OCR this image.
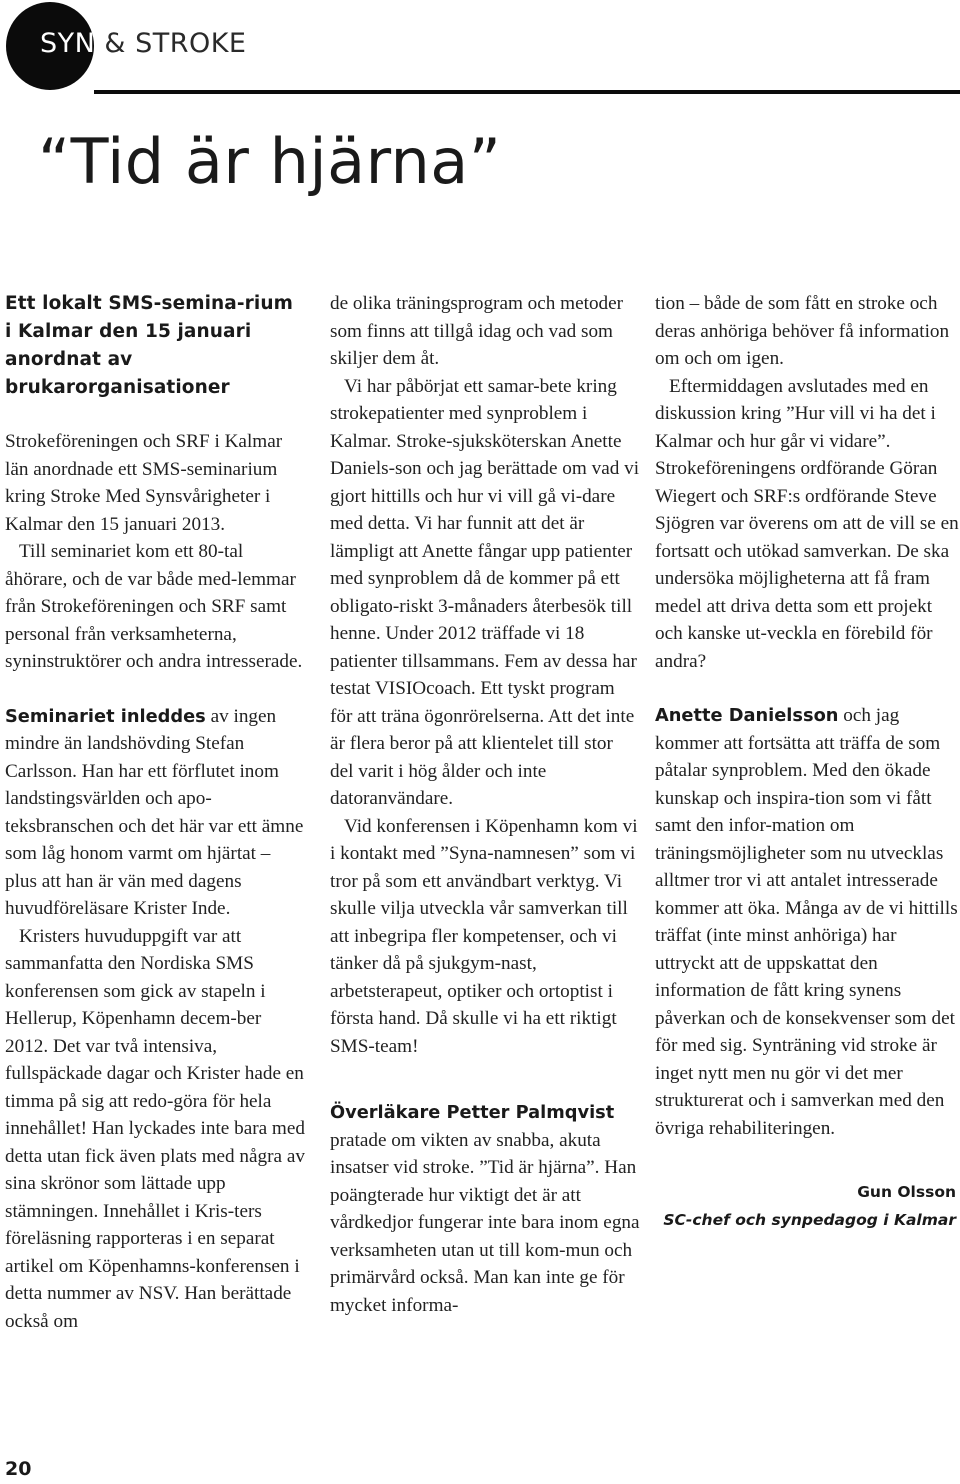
SYN & STROKE
“Tid är hjärna”

Ett lokalt SMS-semina-rium i Kalmar den 15 januari anordnat av brukarorganisationer

Strokeföreningen och SRF i Kalmar län anordnade ett SMS-seminarium kring Stroke Med Synsvårigheter i Kalmar den 15 januari 2013.

Till seminariet kom ett 80-tal åhörare, och de var både med-lemmar från Strokeföreningen och SRF samt personal från verksamheterna, syninstruktörer och andra intresserade.

Seminariet inleddes av ingen mindre än landshövding Stefan Carlsson. Han har ett förflutet inom landstingsvärlden och apo-teksbranschen och det här var ett ämne som låg honom varmt om hjärtat – plus att han är vän med dagens huvudföreläsare Krister Inde.

Kristers huvuduppgift var att sammanfatta den Nordiska SMS konferensen som gick av stapeln i Hellerup, Köpenhamn decem-ber 2012. Det var två intensiva, fullspäckade dagar och Krister hade en timma på sig att redo-göra för hela innehållet! Han lyckades inte bara med detta utan fick även plats med några av sina skrönor som lättade upp stämningen. Innehållet i Kris-ters föreläsning rapporteras i en separat artikel om Köpenhamns-konferensen i detta nummer av NSV. Han berättade också om

de olika träningsprogram och metoder som finns att tillgå idag och vad som skiljer dem åt.

Vi har påbörjat ett samar-bete kring strokepatienter med synproblem i Kalmar. Stroke-sjuksköterskan Anette Daniels-son och jag berättade om vad vi gjort hittills och hur vi vill gå vi-dare med detta. Vi har funnit att det är lämpligt att Anette fångar upp patienter med synproblem då de kommer på ett obligato-riskt 3-månaders återbesök till henne. Under 2012 träffade vi 18 patienter tillsammans. Fem av dessa har testat VISIOcoach. Ett tyskt program för att träna ögonrörelserna. Att det inte är flera beror på att klientelet till stor del varit i hög ålder och inte datoranvändare.

Vid konferensen i Köpenhamn kom vi i kontakt med ”Syna-namnesen” som vi tror på som ett användbart verktyg. Vi skulle vilja utveckla vår samverkan till att inbegripa fler kompetenser, och vi tänker då på sjukgym-nast, arbetsterapeut, optiker och ortoptist i första hand. Då skulle vi ha ett riktigt SMS-team!

Överläkare Petter Palmqvist pratade om vikten av snabba, akuta insatser vid stroke. ”Tid är hjärna”. Han poängterade hur viktigt det är att vårdkedjor fungerar inte bara inom egna verksamheten utan ut till kom-mun och primärvård också. Man kan inte ge för mycket informa-

tion – både de som fått en stroke och deras anhöriga behöver få information om och om igen.

Eftermiddagen avslutades med en diskussion kring ”Hur vill vi ha det i Kalmar och hur går vi vidare”. Strokeföreningens ordförande Göran Wiegert och SRF:s ordförande Steve Sjögren var överens om att de vill se en fortsatt och utökad samverkan. De ska undersöka möjligheterna att få fram medel att driva detta som ett projekt och kanske ut-veckla en förebild för andra?

Anette Danielsson och jag kommer att fortsätta att träffa de som påtalar synproblem. Med den ökade kunskap och inspira-tion som vi fått samt den infor-mation om träningsmöjligheter som nu utvecklas alltmer tror vi att antalet intresserade kommer att öka. Många av de vi hittills träffat (inte minst anhöriga) har uttryckt att de uppskattat den information de fått kring synens påverkan och de konsekvenser som det för med sig. Synträning vid stroke är inget nytt men nu gör vi det mer strukturerat och i samverkan med den övriga rehabiliteringen.

Gun Olsson
SC-chef och synpedagog i Kalmar

20
